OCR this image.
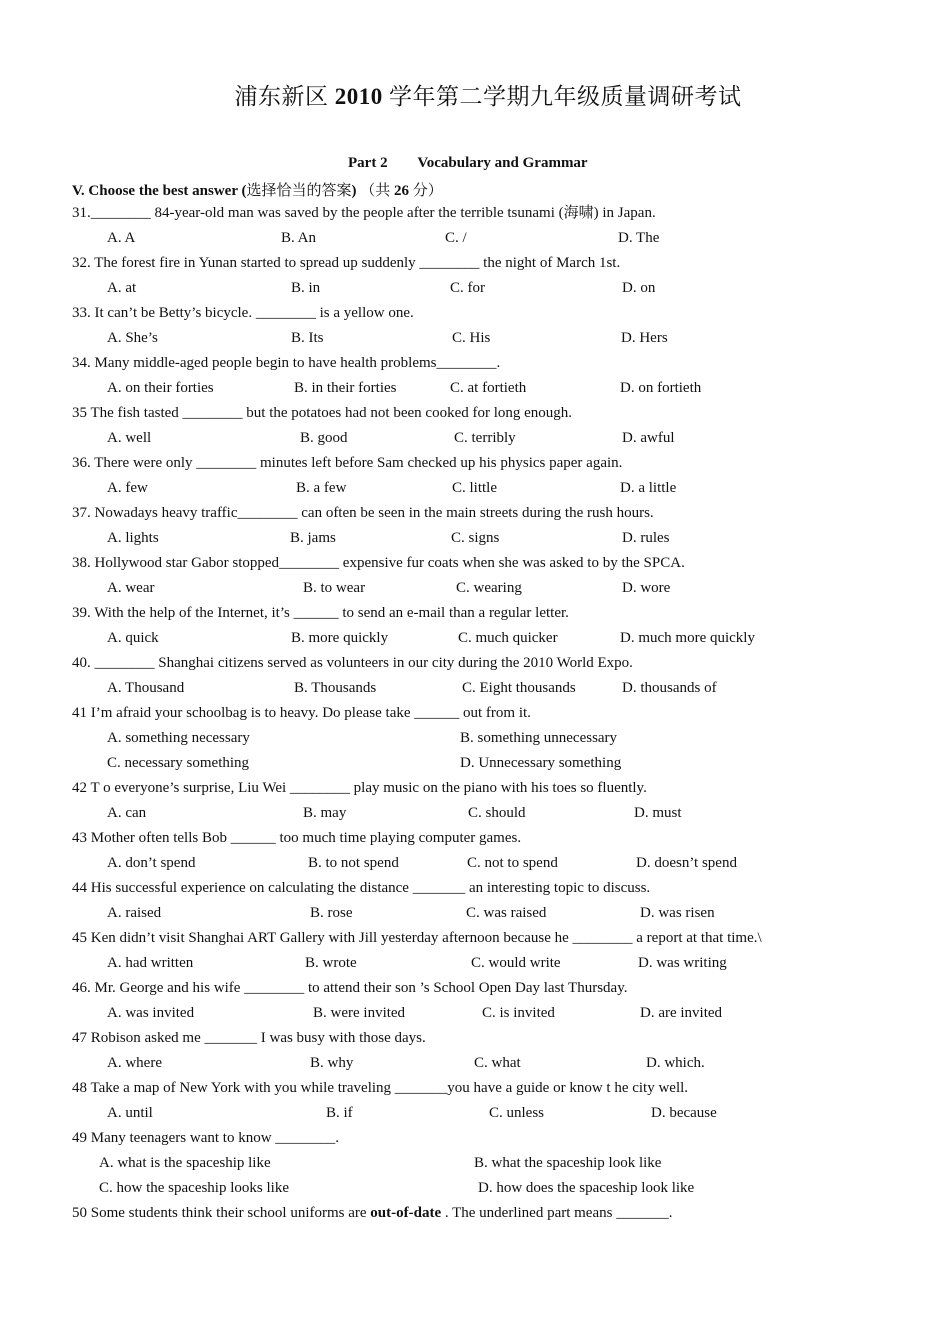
浦东新区 2010 学年第二学期九年级质量调研考试
Part 2 Vocabulary and Grammar
V. Choose the best answer (选择恰当的答案) （共 26 分）
31.________ 84-year-old man was saved by the people after the terrible tsunami (海啸) in Japan.
A. A	B. An	C. /	D. The
32. The forest fire in Yunan started to spread up suddenly ________ the night of March 1st.
A. at	B. in	C. for	D. on
33. It can’t be Betty’s bicycle. ________ is a yellow one.
A. She’s	B. Its	C. His	D. Hers
34. Many middle-aged people begin to have health problems________.
A. on their forties	B. in their forties	C. at fortieth	D. on fortieth
35 The fish tasted ________ but the potatoes had not been cooked for long enough.
A. well	B. good	C. terribly	D. awful
36. There were only ________ minutes left before Sam checked up his physics paper again.
A. few	B. a few	C. little	D. a little
37. Nowadays heavy traffic________ can often be seen in the main streets during the rush hours.
A. lights	B. jams	C. signs	D. rules
38. Hollywood star Gabor stopped________ expensive fur coats when she was asked to by the SPCA.
A. wear	B. to wear	C. wearing	D. wore
39. With the help of the Internet, it’s ______ to send an e-mail than a regular letter.
A. quick	B. more quickly	C. much quicker	D. much more quickly
40. ________ Shanghai citizens served as volunteers in our city during the 2010 World Expo.
A. Thousand	B. Thousands	C. Eight thousands	D. thousands of
41 I’m afraid your schoolbag is to heavy. Do please take ______ out from it.
A. something necessary	B. something unnecessary
C. necessary something	D. Unnecessary something
42 T o everyone’s surprise, Liu Wei ________ play music on the piano with his toes so fluently.
A. can	B. may	C. should	D. must
43 Mother often tells Bob ______ too much time playing computer games.
A. don’t spend	B. to not spend	C. not to spend	D. doesn’t spend
44 His successful experience on calculating the distance _______ an interesting topic to discuss.
A. raised	B. rose	C. was raised	D. was risen
45 Ken didn’t visit Shanghai ART Gallery with Jill yesterday afternoon because he ________ a report at that time.\
A. had written	B. wrote	C. would write	D. was writing
46. Mr. George and his wife ________ to attend their son ’s School Open Day last Thursday.
A. was invited	B. were invited	C. is invited	D. are invited
47 Robison asked me _______ I was busy with those days.
A. where	B. why	C. what	D. which.
48 Take a map of New York with you while traveling _______you have a guide or know t he city well.
A. until	B. if	C. unless	D. because
49 Many teenagers want to know ________.
A. what is the spaceship like	B. what the spaceship look like
C. how the spaceship looks like	D. how does the spaceship look like
50 Some students think their school uniforms are out-of-date . The underlined part means _______.
